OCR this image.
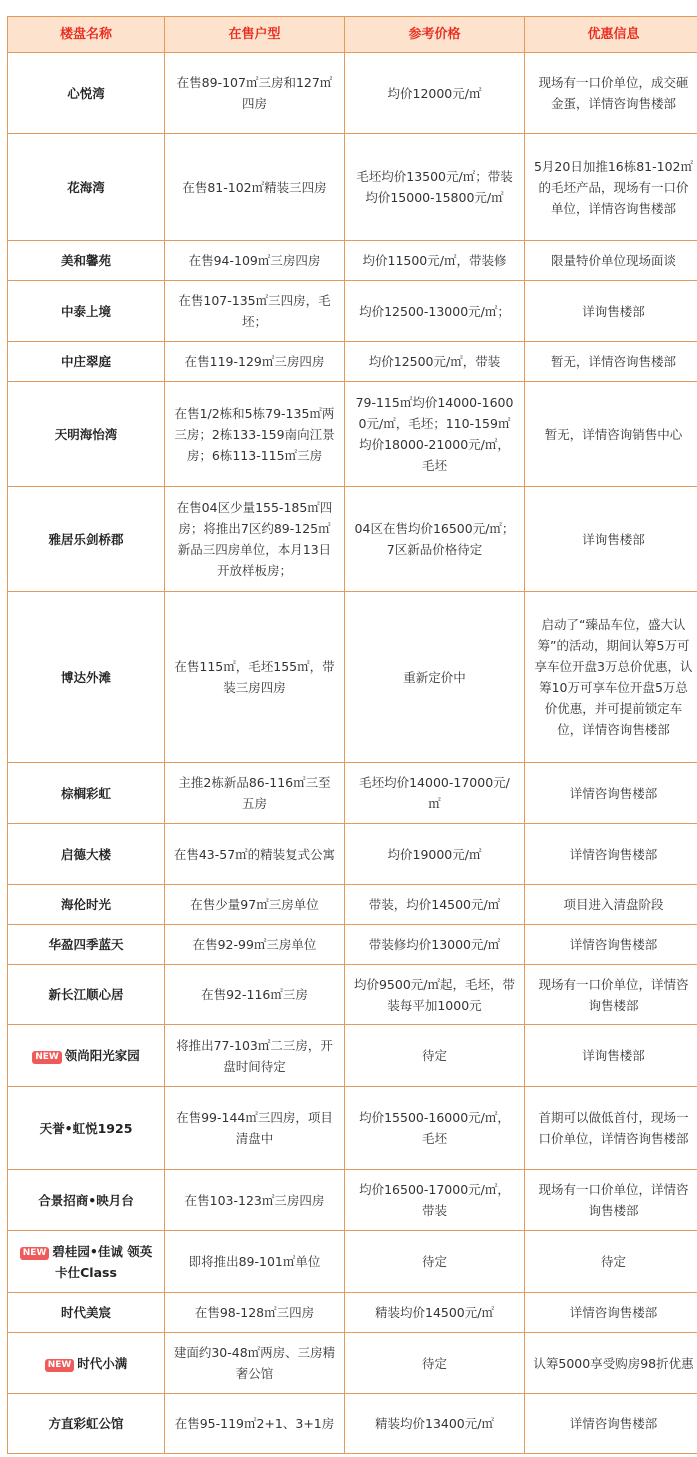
楼盘名称	在售户型	参考价格	优惠信息
心悦湾	在售89-107㎡三房和127㎡四房	均价12000元/㎡	现场有一口价单位，成交砸金蛋，详情咨询售楼部
花海湾	在售81-102㎡精装三四房	毛坯均价13500元/㎡；带装均价15000-15800元/㎡	5月20日加推16栋81-102㎡的毛坯产品，现场有一口价单位，详情咨询售楼部
美和馨苑	在售94-109㎡三房四房	均价11500元/㎡，带装修	限量特价单位现场面谈
中泰上境	在售107-135㎡三四房，毛坯；	均价12500-13000元/㎡；	详询售楼部
中庄翠庭	在售119-129㎡三房四房	均价12500元/㎡，带装	暂无，详情咨询售楼部
天明海怡湾	在售1/2栋和5栋79-135㎡两三房；2栋133-159南向江景房；6栋113-115㎡三房	79-115㎡均价14000-16000元/㎡，毛坯；110-159㎡均价18000-21000元/㎡，毛坯	暂无，详情咨询销售中心
雅居乐剑桥郡	在售04区少量155-185㎡四房；将推出7区约89-125㎡新品三四房单位，本月13日开放样板房；	04区在售均价16500元/㎡；7区新品价格待定	详询售楼部
博达外滩	在售115㎡，毛坯155㎡，带装三房四房	重新定价中	启动了“臻品车位，盛大认筹”的活动，期间认筹5万可享车位开盘3万总价优惠，认筹10万可享车位开盘5万总价优惠，并可提前锁定车位，详情咨询售楼部
棕榈彩虹	主推2栋新品86-116㎡三至五房	毛坯均价14000-17000元/㎡	详情咨询售楼部
启德大楼	在售43-57㎡的精装复式公寓	均价19000元/㎡	详情咨询售楼部
海伦时光	在售少量97㎡三房单位	带装，均价14500元/㎡	项目进入清盘阶段
华盈四季蓝天	在售92-99㎡三房单位	带装修均价13000元/㎡	详情咨询售楼部
新长江顺心居	在售92-116㎡三房	均价9500元/㎡起，毛坯，带装每平加1000元	现场有一口价单位，详情咨询售楼部
NEW 领尚阳光家园	将推出77-103㎡二三房，开盘时间待定	待定	详询售楼部
天誉•虹悦1925	在售99-144㎡三四房，项目清盘中	均价15500-16000元/㎡，毛坯	首期可以做低首付，现场一口价单位，详情咨询售楼部
合景招商•映月台	在售103-123㎡三房四房	均价16500-17000元/㎡，带装	现场有一口价单位，详情咨询售楼部
NEW 碧桂园•佳诚 领英卡仕Class	即将推出89-101㎡单位	待定	待定
时代美宸	在售98-128㎡三四房	精装均价14500元/㎡	详情咨询售楼部
NEW 时代小满	建面约30-48㎡两房、三房精奢公馆	待定	认筹5000享受购房98折优惠
方直彩虹公馆	在售95-119㎡2+1、3+1房	精装均价13400元/㎡	详情咨询售楼部
